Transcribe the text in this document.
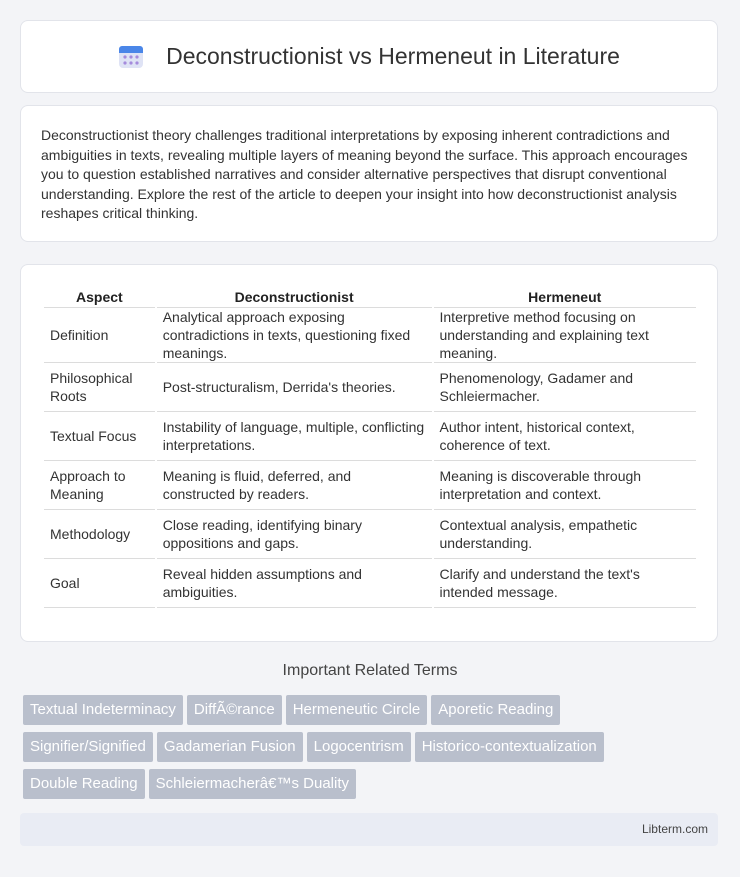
Deconstructionist vs Hermeneut in Literature

Deconstructionist theory challenges traditional interpretations by exposing inherent contradictions and ambiguities in texts, revealing multiple layers of meaning beyond the surface. This approach encourages you to question established narratives and consider alternative perspectives that disrupt conventional understanding. Explore the rest of the article to deepen your insight into how deconstructionist analysis reshapes critical thinking.

Aspect	Deconstructionist	Hermeneut
Definition	Analytical approach exposing contradictions in texts, questioning fixed meanings.	Interpretive method focusing on understanding and explaining text meaning.
Philosophical Roots	Post-structuralism, Derrida's theories.	Phenomenology, Gadamer and Schleiermacher.
Textual Focus	Instability of language, multiple, conflicting interpretations.	Author intent, historical context, coherence of text.
Approach to Meaning	Meaning is fluid, deferred, and constructed by readers.	Meaning is discoverable through interpretation and context.
Methodology	Close reading, identifying binary oppositions and gaps.	Contextual analysis, empathetic understanding.
Goal	Reveal hidden assumptions and ambiguities.	Clarify and understand the text's intended message.
Important Related Terms
Textual Indeterminacy DiffÃ©rance Hermeneutic Circle Aporetic Reading
Signifier/Signified Gadamerian Fusion Logocentrism Historico-contextualization
Double Reading Schleiermacherâ€™s Duality
Libterm.com
